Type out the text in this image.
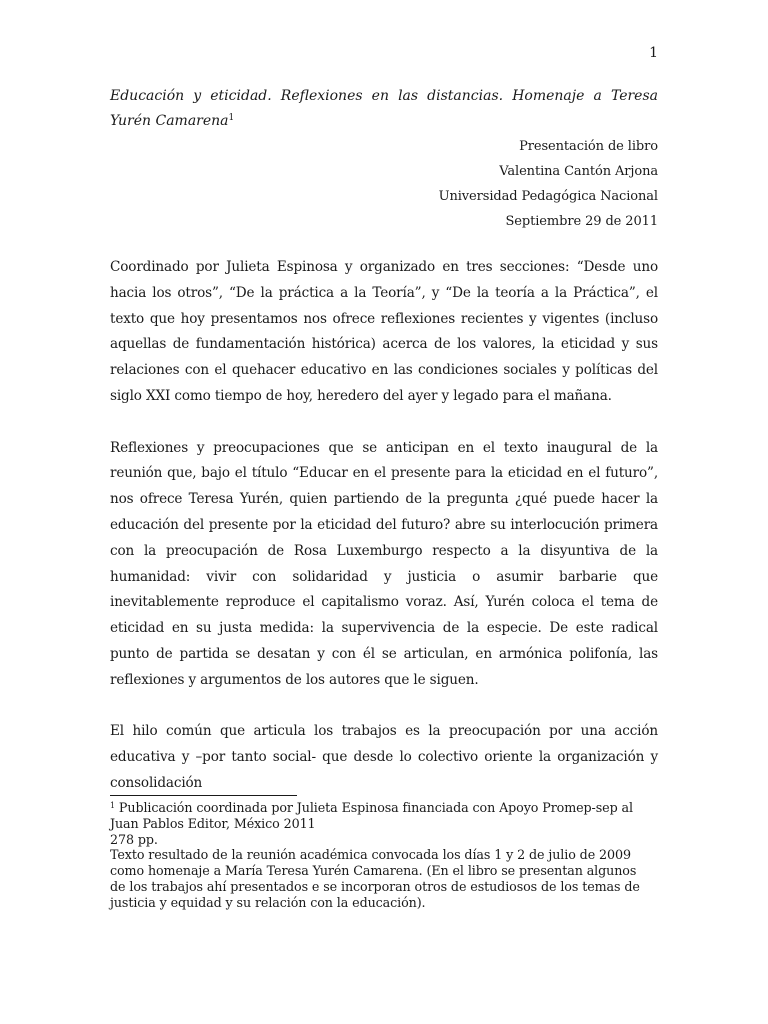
1
Educación y eticidad. Reflexiones en las distancias. Homenaje a Teresa Yurén Camarena$^1$
Presentación de libro
Valentina Cantón Arjona
Universidad Pedagógica Nacional
Septiembre 29 de 2011

Coordinado por Julieta Espinosa y organizado en tres secciones: “Desde uno hacia los otros”, “De la práctica a la Teoría”, y “De la teoría a la Práctica”, el texto que hoy presentamos nos ofrece reflexiones recientes y vigentes (incluso aquellas de fundamentación histórica) acerca de los valores, la eticidad y sus relaciones con el quehacer educativo en las condiciones sociales y políticas del siglo XXI como tiempo de hoy, heredero del ayer y legado para el mañana.

Reflexiones y preocupaciones que se anticipan en el texto inaugural de la reunión que, bajo el título “Educar en el presente para la eticidad en el futuro”, nos ofrece Teresa Yurén, quien partiendo de la pregunta ¿qué puede hacer la educación del presente por la eticidad del futuro? abre su interlocución primera con la preocupación de Rosa Luxemburgo respecto a la disyuntiva de la humanidad: vivir con solidaridad y justicia o asumir barbarie que inevitablemente reproduce el capitalismo voraz. Así, Yurén coloca el tema de eticidad en su justa medida: la supervivencia de la especie. De este radical punto de partida se desatan y con él se articulan, en armónica polifonía, las reflexiones y argumentos de los autores que le siguen.

El hilo común que articula los trabajos es la preocupación por una acción educativa y –por tanto social- que desde lo colectivo oriente la organización y consolidación

$^1$ Publicación coordinada por Julieta Espinosa financiada con Apoyo Promep-sep al
Juan Pablos Editor, México 2011
278 pp.
Texto resultado de la reunión académica convocada los días 1 y 2 de julio de 2009
como homenaje a María Teresa Yurén Camarena. (En el libro se presentan algunos
de los trabajos ahí presentados e se incorporan otros de estudiosos de los temas de
justicia y equidad y su relación con la educación).
